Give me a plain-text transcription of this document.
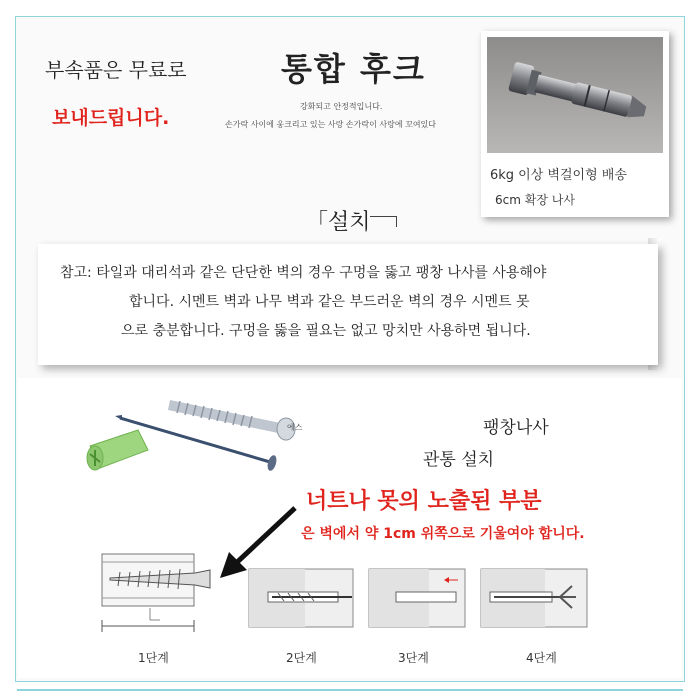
부속품은 무료로
보내드립니다.
통합 후크
강화되고 안정적입니다.
손가락 사이에 웅크리고 있는 사랑 손가락이 사랑에 꼬여있다
6kg 이상 벽걸이형 배송
6cm 확장 나사
「설치
참고: 타일과 대리석과 같은 단단한 벽의 경우 구멍을 뚫고 팽창 나사를 사용해야
합니다. 시멘트 벽과 나무 벽과 같은 부드러운 벽의 경우 시멘트 못
으로 충분합니다. 구멍을 뚫을 필요는 없고 망치만 사용하면 됩니다.
에스	팽창나사
관통 설치
너트나 못의 노출된 부분
은 벽에서 약 1cm 위쪽으로 기울여야 합니다.
1단계	2단계	3단계	4단계
